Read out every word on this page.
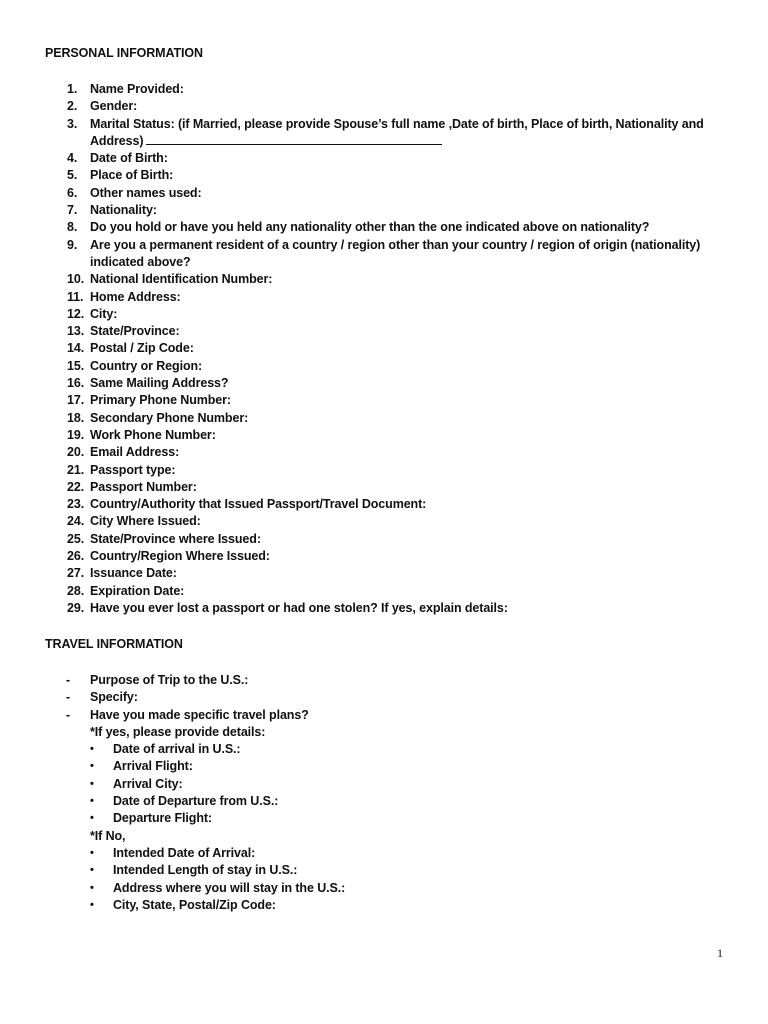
PERSONAL INFORMATION
1. Name Provided:
2. Gender:
3. Marital Status: (if Married, please provide Spouse’s full name ,Date of birth, Place of birth, Nationality and
Address)
4. Date of Birth:
5. Place of Birth:
6. Other names used:
7. Nationality:
8. Do you hold or have you held any nationality other than the one indicated above on nationality?
9. Are you a permanent resident of a country / region other than your country / region of origin (nationality)
indicated above?
10. National Identification Number:
11. Home Address:
12. City:
13. State/Province:
14. Postal / Zip Code:
15. Country or Region:
16. Same Mailing Address?
17. Primary Phone Number:
18. Secondary Phone Number:
19. Work Phone Number:
20. Email Address:
21. Passport type:
22. Passport Number:
23. Country/Authority that Issued Passport/Travel Document:
24. City Where Issued:
25. State/Province where Issued:
26. Country/Region Where Issued:
27. Issuance Date:
28. Expiration Date:
29. Have you ever lost a passport or had one stolen? If yes, explain details:
TRAVEL INFORMATION
- Purpose of Trip to the U.S.:
- Specify:
- Have you made specific travel plans?
*If yes, please provide details:
• Date of arrival in U.S.:
• Arrival Flight:
• Arrival City:
• Date of Departure from U.S.:
• Departure Flight:
*If No,
• Intended Date of Arrival:
• Intended Length of stay in U.S.:
• Address where you will stay in the U.S.:
• City, State, Postal/Zip Code:
1
